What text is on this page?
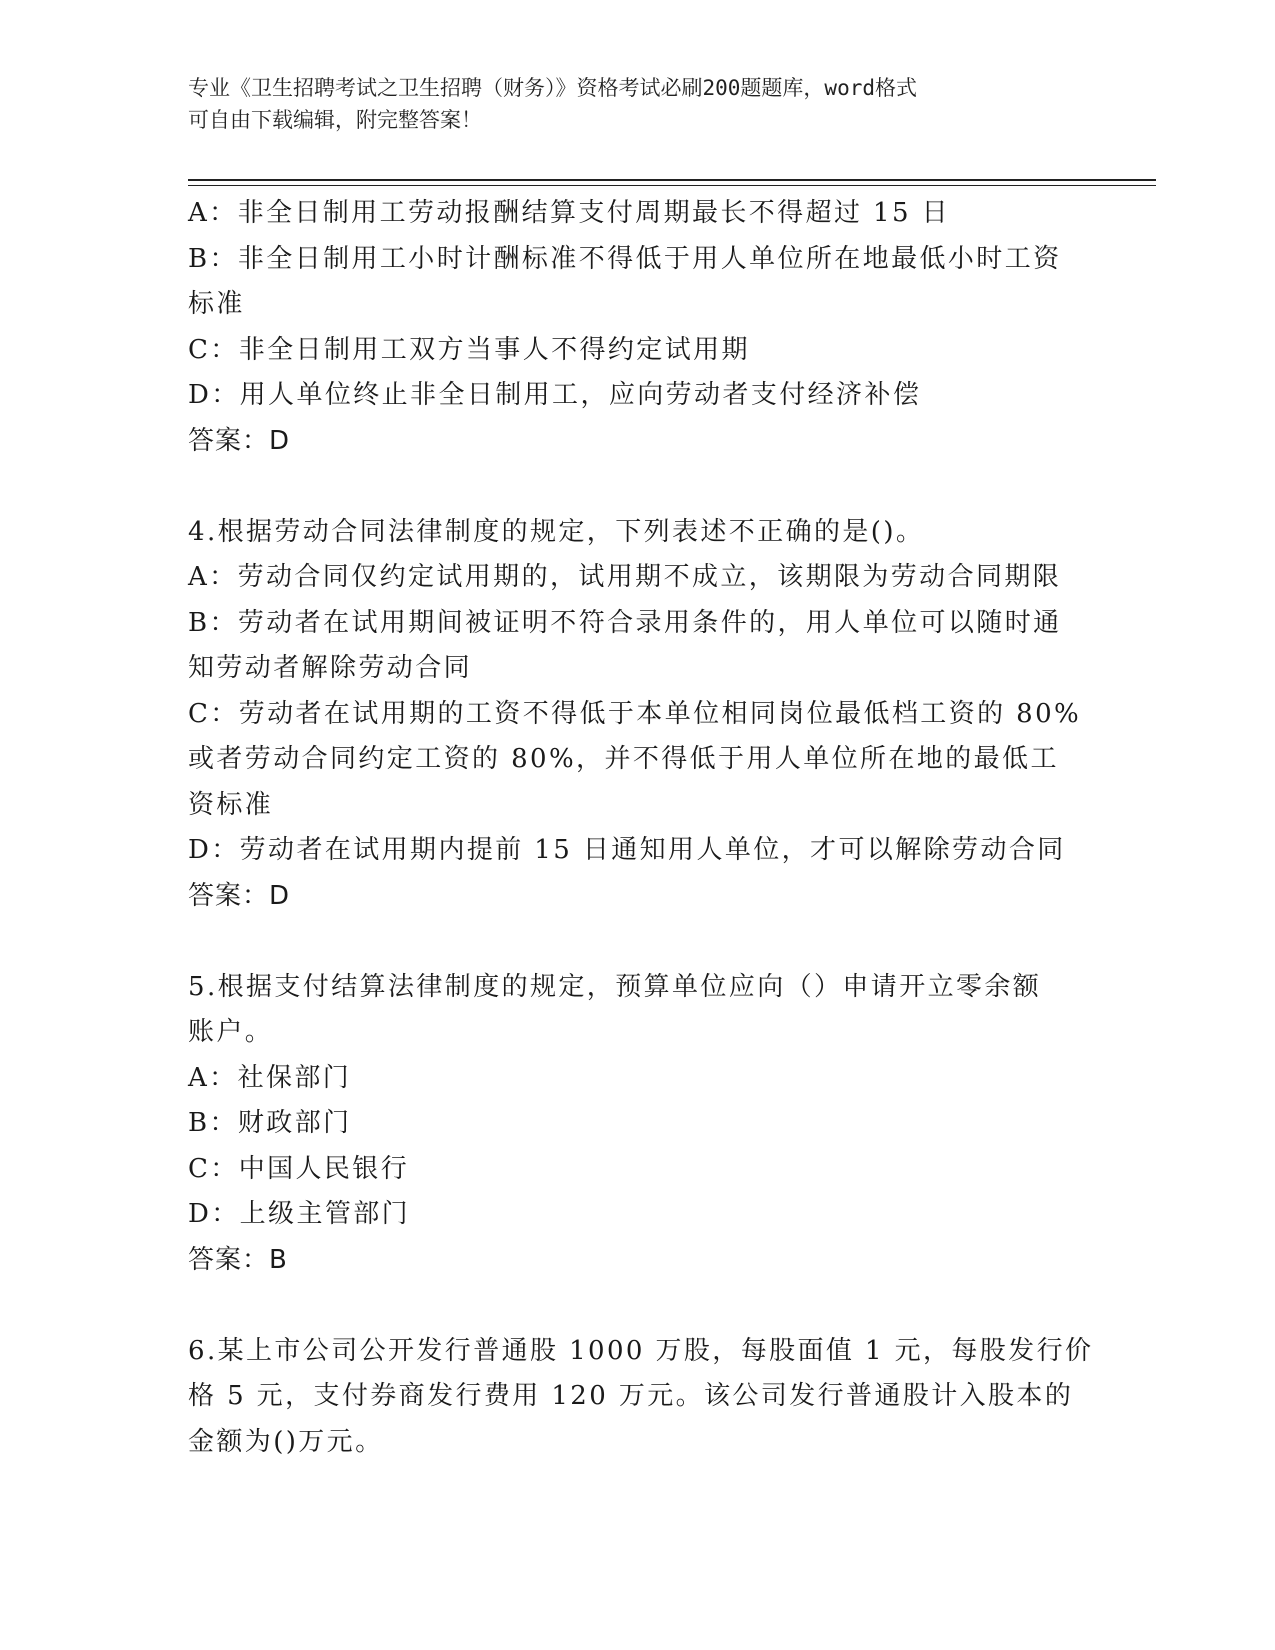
专业《卫生招聘考试之卫生招聘（财务）》资格考试必刷200题题库，word格式
可自由下载编辑，附完整答案！
A：非全日制用工劳动报酬结算支付周期最长不得超过 15 日
B：非全日制用工小时计酬标准不得低于用人单位所在地最低小时工资
标准
C：非全日制用工双方当事人不得约定试用期
D：用人单位终止非全日制用工，应向劳动者支付经济补偿
答案：D
4.根据劳动合同法律制度的规定，下列表述不正确的是()。
A：劳动合同仅约定试用期的，试用期不成立，该期限为劳动合同期限
B：劳动者在试用期间被证明不符合录用条件的，用人单位可以随时通
知劳动者解除劳动合同
C：劳动者在试用期的工资不得低于本单位相同岗位最低档工资的 80%
或者劳动合同约定工资的 80%，并不得低于用人单位所在地的最低工
资标准
D：劳动者在试用期内提前 15 日通知用人单位，才可以解除劳动合同
答案：D
5.根据支付结算法律制度的规定，预算单位应向（）申请开立零余额
账户。
A：社保部门
B：财政部门
C：中国人民银行
D：上级主管部门
答案：B
6.某上市公司公开发行普通股 1000 万股，每股面值 1 元，每股发行价
格 5 元，支付券商发行费用 120 万元。该公司发行普通股计入股本的
金额为()万元。
